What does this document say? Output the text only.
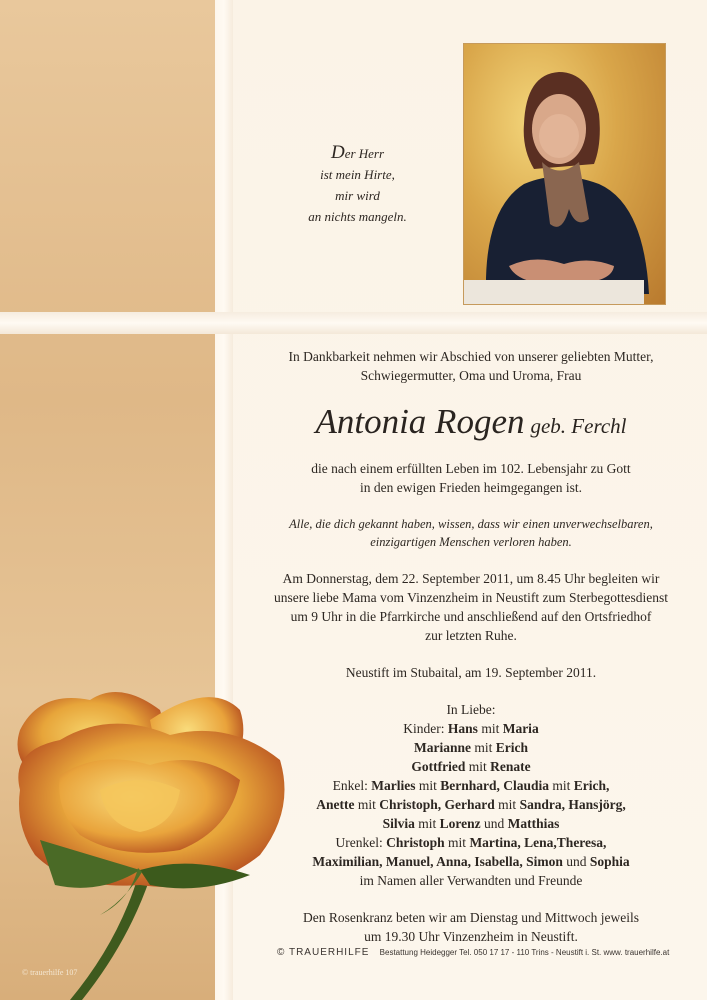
Der Herr
ist mein Hirte,
mir wird
an nichts mangeln.

In Dankbarkeit nehmen wir Abschied von unserer geliebten Mutter,

Schwiegermutter, Oma und Uroma, Frau

Antonia Rogen geb. Ferchl

die nach einem erfüllten Leben im 102. Lebensjahr zu Gott

in den ewigen Frieden heimgegangen ist.

Alle, die dich gekannt haben, wissen, dass wir einen unverwechselbaren,

einzigartigen Menschen verloren haben.

Am Donnerstag, dem 22. September 2011, um 8.45 Uhr begleiten wir

unsere liebe Mama vom Vinzenzheim in Neustift zum Sterbegottesdienst

um 9 Uhr in die Pfarrkirche und anschließend auf den Ortsfriedhof

zur letzten Ruhe.

Neustift im Stubaital, am 19. September 2011.

In Liebe:

Kinder: Hans mit Maria

Marianne mit Erich

Gottfried mit Renate

Enkel: Marlies mit Bernhard, Claudia mit Erich,

Anette mit Christoph, Gerhard mit Sandra, Hansjörg,

Silvia mit Lorenz und Matthias

Urenkel: Christoph mit Martina, Lena,Theresa,

Maximilian, Manuel, Anna, Isabella, Simon und Sophia

im Namen aller Verwandten und Freunde

Den Rosenkranz beten wir am Dienstag und Mittwoch jeweils

um 19.30 Uhr Vinzenzheim in Neustift.

© TRAUERHILFE Bestattung Heidegger Tel. 050 17 17 - 110 Trins - Neustift i. St. www. trauerhilfe.at
© trauerhilfe 107
